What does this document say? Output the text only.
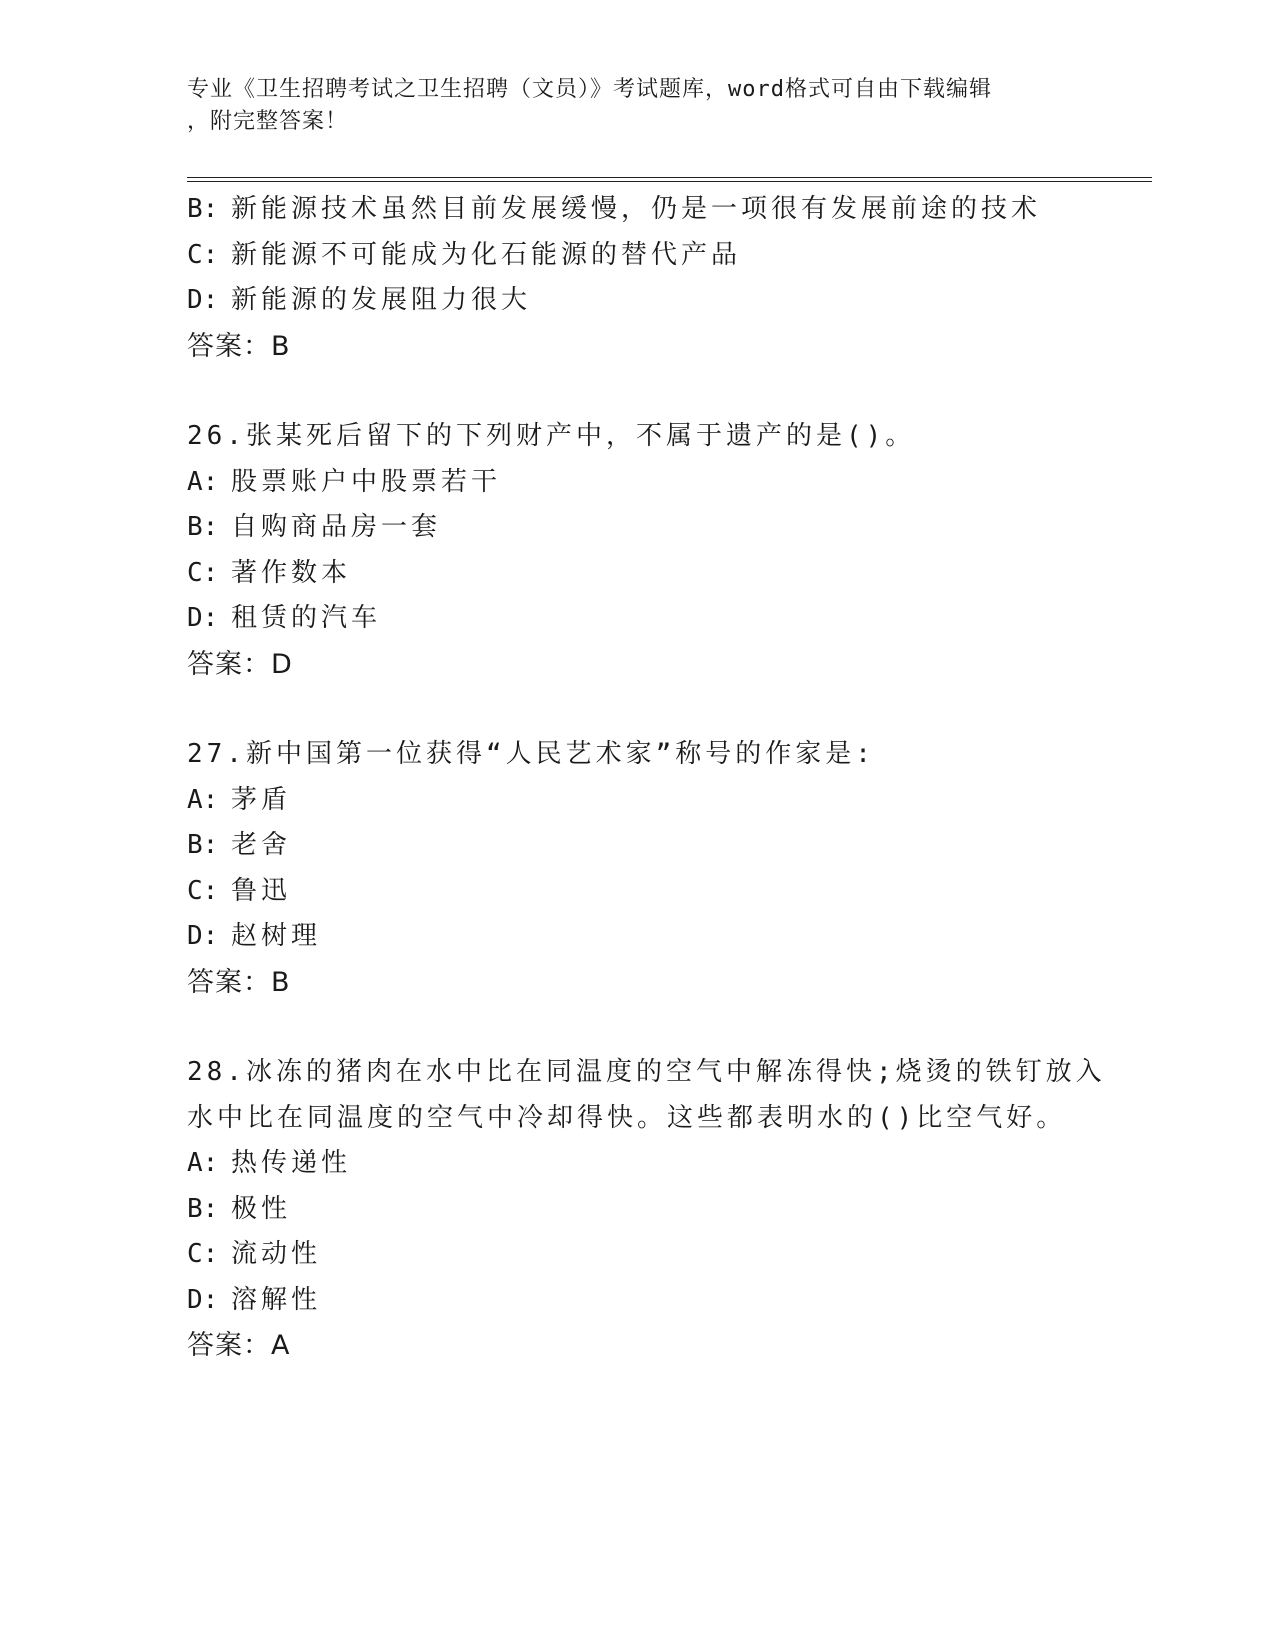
专业《卫生招聘考试之卫生招聘（文员）》考试题库，word格式可自由下载编辑
，附完整答案！
B: 新能源技术虽然目前发展缓慢，仍是一项很有发展前途的技术
C: 新能源不可能成为化石能源的替代产品
D: 新能源的发展阻力很大
答案：B
26.张某死后留下的下列财产中，不属于遗产的是()。
A: 股票账户中股票若干
B: 自购商品房一套
C: 著作数本
D: 租赁的汽车
答案：D
27.新中国第一位获得“人民艺术家”称号的作家是:
A: 茅盾
B: 老舍
C: 鲁迅
D: 赵树理
答案：B
28.冰冻的猪肉在水中比在同温度的空气中解冻得快;烧烫的铁钉放入
水中比在同温度的空气中冷却得快。这些都表明水的()比空气好。
A: 热传递性
B: 极性
C: 流动性
D: 溶解性
答案：A
